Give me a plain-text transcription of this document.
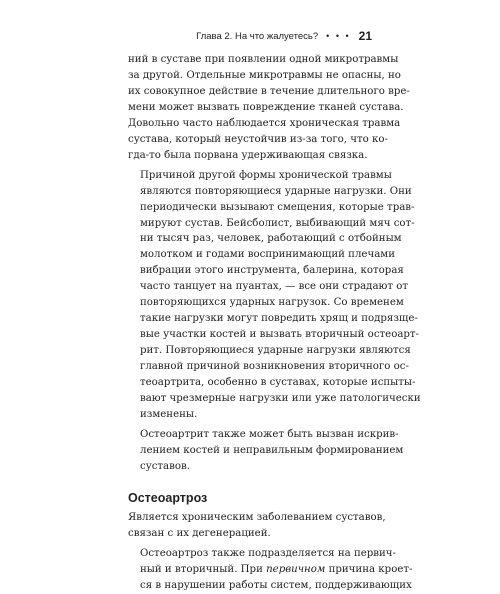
Глава 2. На что жалуетесь? • • • 21

ний в суставе при появлении одной микротравмы
за другой. Отдельные микротравмы не опасны, но
их совокупное действие в течение длительного вре-
мени может вызвать повреждение тканей сустава.
Довольно часто наблюдается хроническая травма
сустава, который неустойчив из-за того, что ко-
гда-то была порвана удерживающая связка.

Причиной другой формы хронической травмы
являются повторяющиеся ударные нагрузки. Они
периодически вызывают смещения, которые трав-
мируют сустав. Бейсболист, выбивающий мяч сот-
ни тысяч раз, человек, работающий с отбойным
молотком и годами воспринимающий плечами
вибрации этого инструмента, балерина, которая
часто танцует на пуантах, — все они страдают от
повторяющихся ударных нагрузок. Со временем
такие нагрузки могут повредить хрящ и подрязще-
вые участки костей и вызвать вторичный остеоарт-
рит. Повторяющиеся ударные нагрузки являются
главной причиной возникновения вторичного ос-
теоартрита, особенно в суставах, которые испыты-
вают чрезмерные нагрузки или уже патологически
изменены.

Остеоартрит также может быть вызван искрив-
лением костей и неправильным формированием
суставов.

Остеоартроз

Является хроническим заболеванием суставов,
связан с их дегенерацией.

Остеоартроз также подразделяется на первич-
ный и вторичный. При первичном причина кроет-
ся в нарушении работы систем, поддерживающих
